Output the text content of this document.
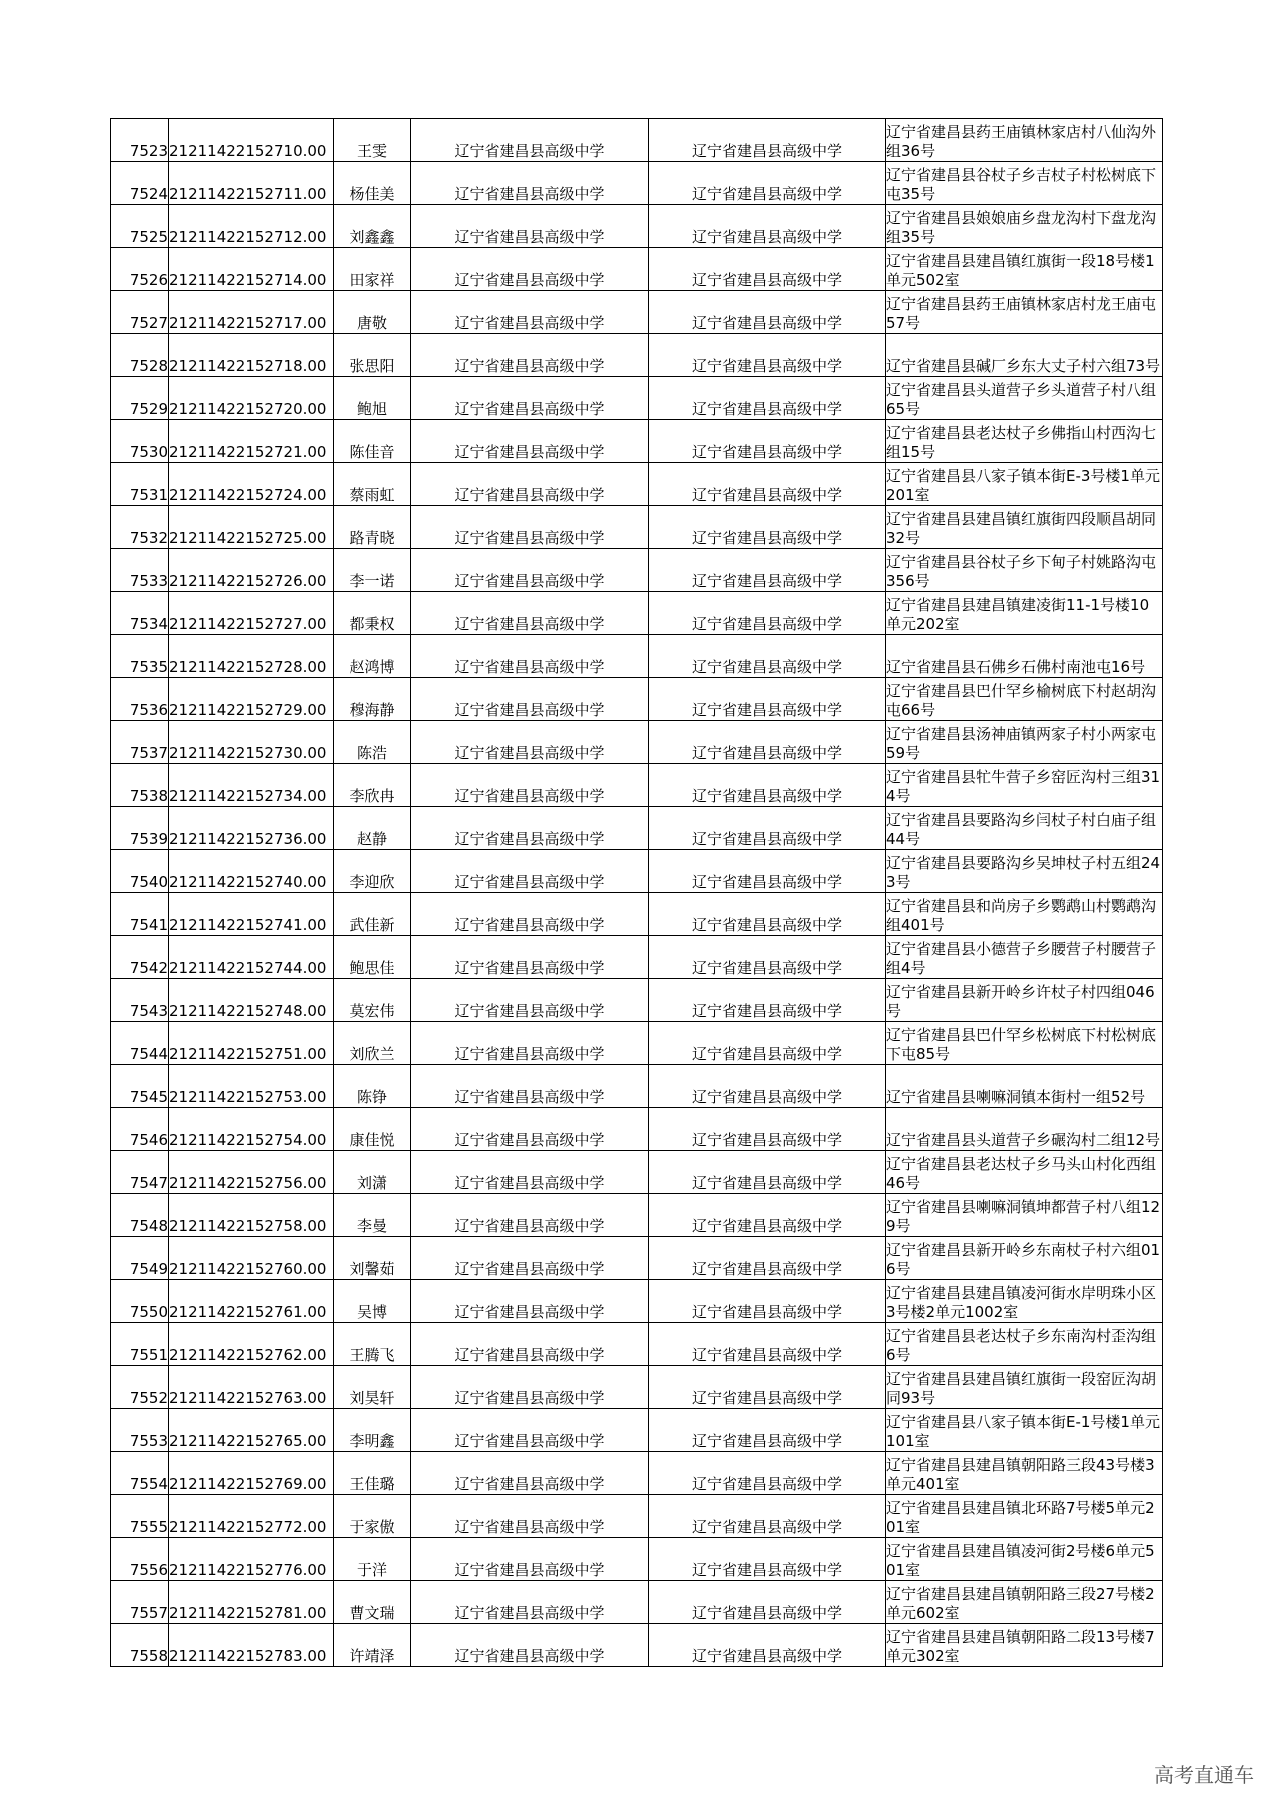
7523	21211422152710.00	王雯	辽宁省建昌县高级中学	辽宁省建昌县高级中学	辽宁省建昌县药王庙镇林家店村八仙沟外组36号
7524	21211422152711.00	杨佳美	辽宁省建昌县高级中学	辽宁省建昌县高级中学	辽宁省建昌县谷杖子乡吉杖子村松树底下屯35号
7525	21211422152712.00	刘鑫鑫	辽宁省建昌县高级中学	辽宁省建昌县高级中学	辽宁省建昌县娘娘庙乡盘龙沟村下盘龙沟组35号
7526	21211422152714.00	田家祥	辽宁省建昌县高级中学	辽宁省建昌县高级中学	辽宁省建昌县建昌镇红旗街一段18号楼1单元502室
7527	21211422152717.00	唐敬	辽宁省建昌县高级中学	辽宁省建昌县高级中学	辽宁省建昌县药王庙镇林家店村龙王庙屯57号
7528	21211422152718.00	张思阳	辽宁省建昌县高级中学	辽宁省建昌县高级中学	辽宁省建昌县碱厂乡东大丈子村六组73号
7529	21211422152720.00	鲍旭	辽宁省建昌县高级中学	辽宁省建昌县高级中学	辽宁省建昌县头道营子乡头道营子村八组65号
7530	21211422152721.00	陈佳音	辽宁省建昌县高级中学	辽宁省建昌县高级中学	辽宁省建昌县老达杖子乡佛指山村西沟七组15号
7531	21211422152724.00	蔡雨虹	辽宁省建昌县高级中学	辽宁省建昌县高级中学	辽宁省建昌县八家子镇本街E-3号楼1单元201室
7532	21211422152725.00	路青晓	辽宁省建昌县高级中学	辽宁省建昌县高级中学	辽宁省建昌县建昌镇红旗街四段顺昌胡同32号
7533	21211422152726.00	李一诺	辽宁省建昌县高级中学	辽宁省建昌县高级中学	辽宁省建昌县谷杖子乡下甸子村姚路沟屯356号
7534	21211422152727.00	都秉权	辽宁省建昌县高级中学	辽宁省建昌县高级中学	辽宁省建昌县建昌镇建凌街11-1号楼10单元202室
7535	21211422152728.00	赵鸿博	辽宁省建昌县高级中学	辽宁省建昌县高级中学	辽宁省建昌县石佛乡石佛村南池屯16号
7536	21211422152729.00	穆海静	辽宁省建昌县高级中学	辽宁省建昌县高级中学	辽宁省建昌县巴什罕乡榆树底下村赵胡沟屯66号
7537	21211422152730.00	陈浩	辽宁省建昌县高级中学	辽宁省建昌县高级中学	辽宁省建昌县汤神庙镇两家子村小两家屯59号
7538	21211422152734.00	李欣冉	辽宁省建昌县高级中学	辽宁省建昌县高级中学	辽宁省建昌县牤牛营子乡窑匠沟村三组314号
7539	21211422152736.00	赵静	辽宁省建昌县高级中学	辽宁省建昌县高级中学	辽宁省建昌县要路沟乡闫杖子村白庙子组44号
7540	21211422152740.00	李迎欣	辽宁省建昌县高级中学	辽宁省建昌县高级中学	辽宁省建昌县要路沟乡吴坤杖子村五组243号
7541	21211422152741.00	武佳新	辽宁省建昌县高级中学	辽宁省建昌县高级中学	辽宁省建昌县和尚房子乡鹦鹉山村鹦鹉沟组401号
7542	21211422152744.00	鲍思佳	辽宁省建昌县高级中学	辽宁省建昌县高级中学	辽宁省建昌县小德营子乡腰营子村腰营子组4号
7543	21211422152748.00	莫宏伟	辽宁省建昌县高级中学	辽宁省建昌县高级中学	辽宁省建昌县新开岭乡许杖子村四组046号
7544	21211422152751.00	刘欣兰	辽宁省建昌县高级中学	辽宁省建昌县高级中学	辽宁省建昌县巴什罕乡松树底下村松树底下屯85号
7545	21211422152753.00	陈铮	辽宁省建昌县高级中学	辽宁省建昌县高级中学	辽宁省建昌县喇嘛洞镇本街村一组52号
7546	21211422152754.00	康佳悦	辽宁省建昌县高级中学	辽宁省建昌县高级中学	辽宁省建昌县头道营子乡碾沟村二组12号
7547	21211422152756.00	刘潇	辽宁省建昌县高级中学	辽宁省建昌县高级中学	辽宁省建昌县老达杖子乡马头山村化西组46号
7548	21211422152758.00	李曼	辽宁省建昌县高级中学	辽宁省建昌县高级中学	辽宁省建昌县喇嘛洞镇坤都营子村八组129号
7549	21211422152760.00	刘馨茹	辽宁省建昌县高级中学	辽宁省建昌县高级中学	辽宁省建昌县新开岭乡东南杖子村六组016号
7550	21211422152761.00	吴博	辽宁省建昌县高级中学	辽宁省建昌县高级中学	辽宁省建昌县建昌镇凌河街水岸明珠小区3号楼2单元1002室
7551	21211422152762.00	王腾飞	辽宁省建昌县高级中学	辽宁省建昌县高级中学	辽宁省建昌县老达杖子乡东南沟村歪沟组6号
7552	21211422152763.00	刘昊轩	辽宁省建昌县高级中学	辽宁省建昌县高级中学	辽宁省建昌县建昌镇红旗街一段窑匠沟胡同93号
7553	21211422152765.00	李明鑫	辽宁省建昌县高级中学	辽宁省建昌县高级中学	辽宁省建昌县八家子镇本街E-1号楼1单元101室
7554	21211422152769.00	王佳璐	辽宁省建昌县高级中学	辽宁省建昌县高级中学	辽宁省建昌县建昌镇朝阳路三段43号楼3单元401室
7555	21211422152772.00	于家傲	辽宁省建昌县高级中学	辽宁省建昌县高级中学	辽宁省建昌县建昌镇北环路7号楼5单元201室
7556	21211422152776.00	于洋	辽宁省建昌县高级中学	辽宁省建昌县高级中学	辽宁省建昌县建昌镇凌河街2号楼6单元501室
7557	21211422152781.00	曹文瑞	辽宁省建昌县高级中学	辽宁省建昌县高级中学	辽宁省建昌县建昌镇朝阳路三段27号楼2单元602室
7558	21211422152783.00	许靖泽	辽宁省建昌县高级中学	辽宁省建昌县高级中学	辽宁省建昌县建昌镇朝阳路二段13号楼7单元302室
高考直通车
